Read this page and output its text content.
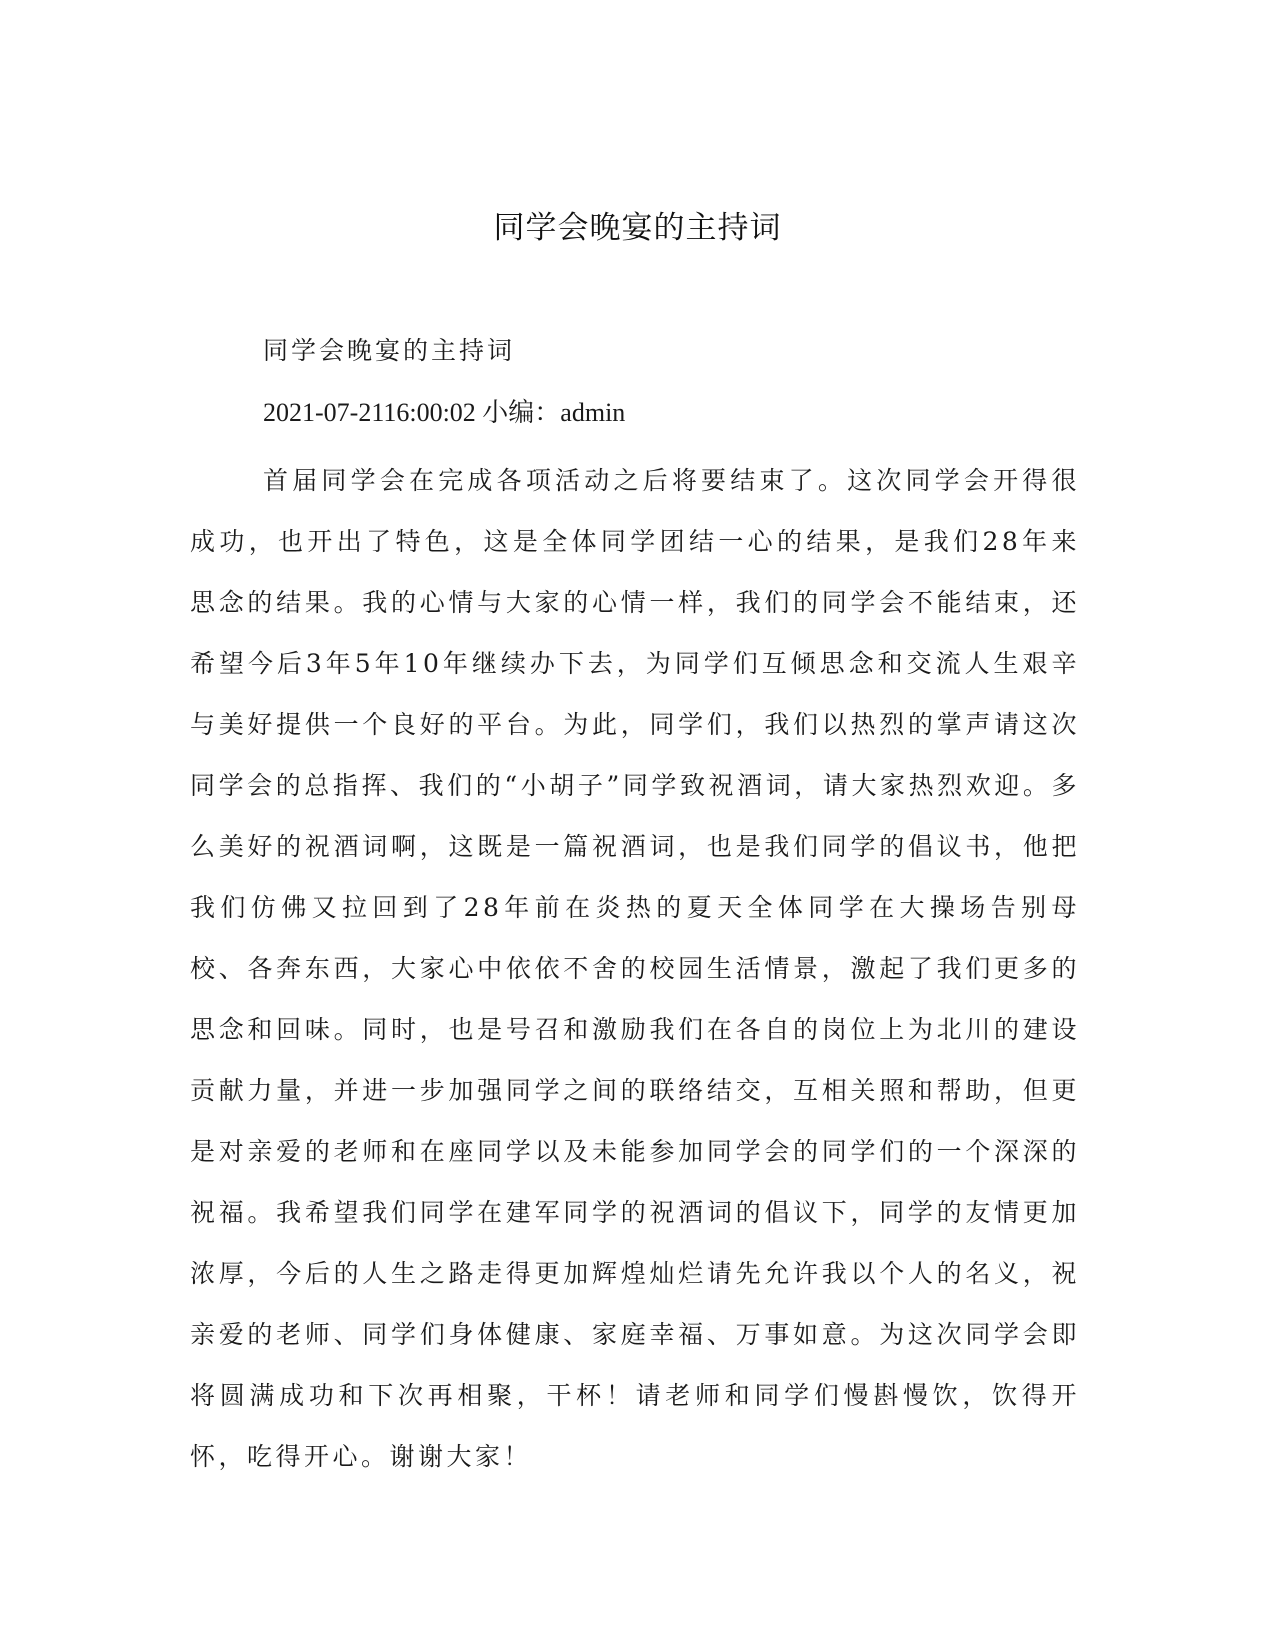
同学会晚宴的主持词
同学会晚宴的主持词
2021-07-2116:00:02 小编：admin

首届同学会在完成各项活动之后将要结束了。这次同学会开得很成功，也开出了特色，这是全体同学团结一心的结果，是我们28年来思念的结果。我的心情与大家的心情一样，我们的同学会不能结束，还希望今后3年5年10年继续办下去，为同学们互倾思念和交流人生艰辛与美好提供一个良好的平台。为此，同学们，我们以热烈的掌声请这次同学会的总指挥、我们的“小胡子”同学致祝酒词，请大家热烈欢迎。多么美好的祝酒词啊，这既是一篇祝酒词，也是我们同学的倡议书，他把我们仿佛又拉回到了28年前在炎热的夏天全体同学在大操场告别母校、各奔东西，大家心中依依不舍的校园生活情景，激起了我们更多的思念和回味。同时，也是号召和激励我们在各自的岗位上为北川的建设贡献力量，并进一步加强同学之间的联络结交，互相关照和帮助，但更是对亲爱的老师和在座同学以及未能参加同学会的同学们的一个深深的祝福。我希望我们同学在建军同学的祝酒词的倡议下，同学的友情更加浓厚，今后的人生之路走得更加辉煌灿烂请先允许我以个人的名义，祝亲爱的老师、同学们身体健康、家庭幸福、万事如意。为这次同学会即将圆满成功和下次再相聚，干杯！请老师和同学们慢斟慢饮，饮得开怀，吃得开心。谢谢大家！
